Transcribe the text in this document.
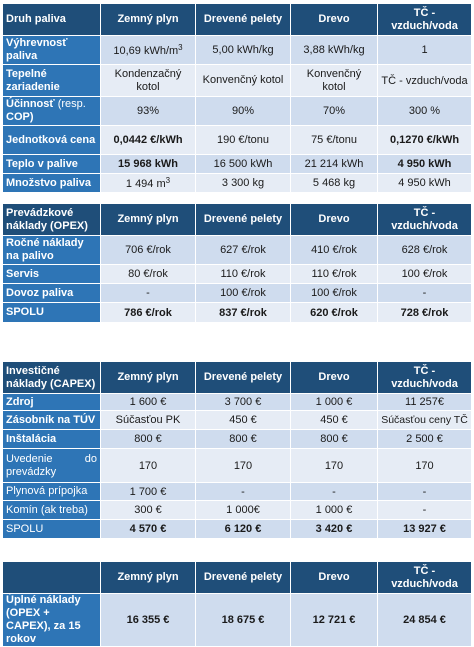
Druh paliva	Zemný plyn	Drevené pelety	Drevo	TČ - vzduch/voda
Výhrevnosť paliva	10,69 kWh/$m^3$	5,00 kWh/kg	3,88 kWh/kg	1
Tepelné zariadenie	Kondenzačný kotol	Konvenčný kotol	Konvenčný kotol	TČ - vzduch/voda
Účinnosť (resp. COP)	93%	90%	70%	300 %
Jednotková cena	0,0442 €/kWh	190 €/tonu	75 €/tonu	0,1270 €/kWh
Teplo v palive	15 968 kWh	16 500 kWh	21 214 kWh	4 950 kWh
Množstvo paliva	1 494 $m^3$	3 300 kg	5 468 kg	4 950 kWh
Prevádzkové náklady (OPEX)	Zemný plyn	Drevené pelety	Drevo	TČ - vzduch/voda
Ročné náklady na palivo	706 €/rok	627 €/rok	410 €/rok	628 €/rok
Servis	80 €/rok	110 €/rok	110 €/rok	100 €/rok
Dovoz paliva	-	100 €/rok	100 €/rok	-
SPOLU	786 €/rok	837 €/rok	620 €/rok	728 €/rok
Investičné náklady (CAPEX)	Zemný plyn	Drevené pelety	Drevo	TČ - vzduch/voda
Zdroj	1 600 €	3 700 €	1 000 €	11 257€
Zásobník na TÚV	Súčasťou PK	450 €	450 €	Súčasťou ceny TČ
Inštalácia	800 €	800 €	800 €	2 500 €
Uvedenie do prevádzky	170	170	170	170
Plynová prípojka	1 700 €	-	-	-
Komín (ak treba)	300 €	1 000€	1 000 €	-
SPOLU	4 570 €	6 120 €	3 420 €	13 927 €
	Zemný plyn	Drevené pelety	Drevo	TČ - vzduch/voda
Úplné náklady (OPEX + CAPEX), za 15 rokov	16 355 €	18 675 €	12 721 €	24 854 €
